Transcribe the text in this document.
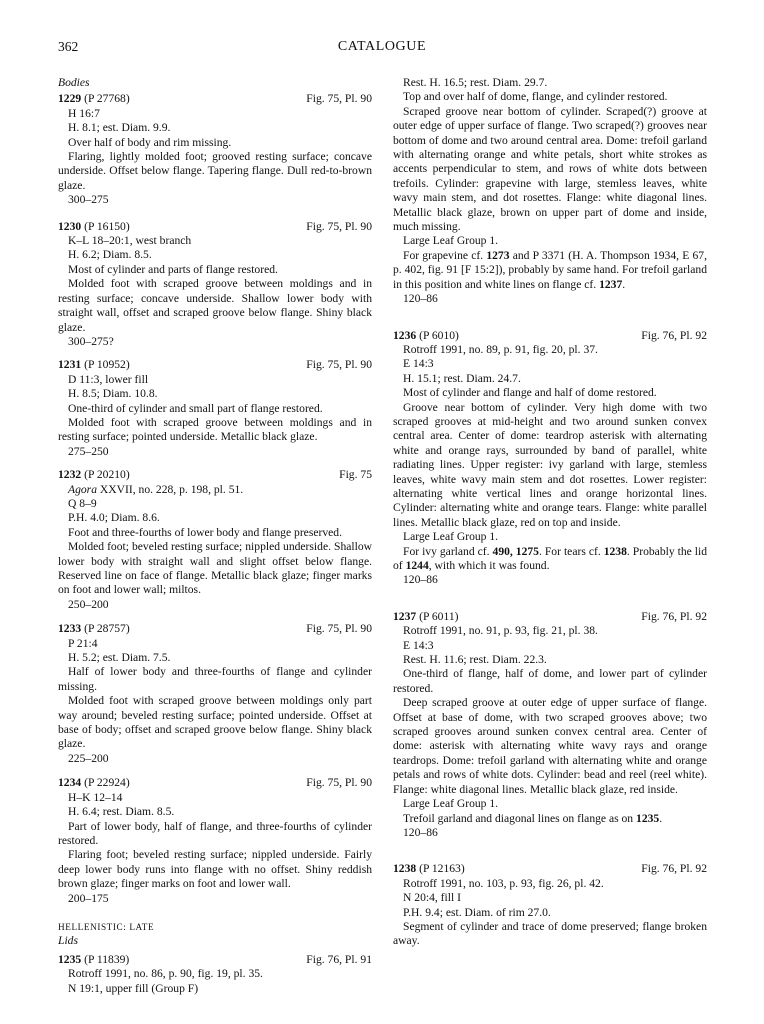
362	CATALOGUE
Bodies
1229 (P 27768)	Fig. 75, Pl. 90
H 16:7
H. 8.1; est. Diam. 9.9.
Over half of body and rim missing.
Flaring, lightly molded foot; grooved resting surface; concave underside. Offset below flange. Tapering flange. Dull red-to-brown glaze.
300–275
1230 (P 16150)	Fig. 75, Pl. 90
K–L 18–20:1, west branch
H. 6.2; Diam. 8.5.
Most of cylinder and parts of flange restored.
Molded foot with scraped groove between moldings and in resting surface; concave underside. Shallow lower body with straight wall, offset and scraped groove below flange. Shiny black glaze.
300–275?
1231 (P 10952)	Fig. 75, Pl. 90
D 11:3, lower fill
H. 8.5; Diam. 10.8.
One-third of cylinder and small part of flange restored.
Molded foot with scraped groove between moldings and in resting surface; pointed underside. Metallic black glaze.
275–250
1232 (P 20210)	Fig. 75
Agora XXVII, no. 228, p. 198, pl. 51.
Q 8–9
P.H. 4.0; Diam. 8.6.
Foot and three-fourths of lower body and flange preserved.
Molded foot; beveled resting surface; nippled underside. Shallow lower body with straight wall and slight offset below flange. Reserved line on face of flange. Metallic black glaze; finger marks on foot and lower wall; miltos.
250–200
1233 (P 28757)	Fig. 75, Pl. 90
P 21:4
H. 5.2; est. Diam. 7.5.
Half of lower body and three-fourths of flange and cylinder missing.
Molded foot with scraped groove between moldings only part way around; beveled resting surface; pointed underside. Offset at base of body; offset and scraped groove below flange. Shiny black glaze.
225–200
1234 (P 22924)	Fig. 75, Pl. 90
H–K 12–14
H. 6.4; rest. Diam. 8.5.
Part of lower body, half of flange, and three-fourths of cylinder restored.
Flaring foot; beveled resting surface; nippled underside. Fairly deep lower body runs into flange with no offset. Shiny reddish brown glaze; finger marks on foot and lower wall.
200–175
HELLENISTIC: LATE
Lids
1235 (P 11839)	Fig. 76, Pl. 91
Rotroff 1991, no. 86, p. 90, fig. 19, pl. 35.
N 19:1, upper fill (Group F)
Rest. H. 16.5; rest. Diam. 29.7.
Top and over half of dome, flange, and cylinder restored.
Scraped groove near bottom of cylinder. Scraped(?) groove at outer edge of upper surface of flange. Two scraped(?) grooves near bottom of dome and two around central area. Dome: trefoil garland with alternating orange and white petals, short white strokes as accents perpendicular to stem, and rows of white dots between trefoils. Cylinder: grapevine with large, stemless leaves, white wavy main stem, and dot rosettes. Flange: white diagonal lines. Metallic black glaze, brown on upper part of dome and inside, much missing.
Large Leaf Group 1.
For grapevine cf. 1273 and P 3371 (H. A. Thompson 1934, E 67, p. 402, fig. 91 [F 15:2]), probably by same hand. For trefoil garland in this position and white lines on flange cf. 1237.
120–86
1236 (P 6010)	Fig. 76, Pl. 92
Rotroff 1991, no. 89, p. 91, fig. 20, pl. 37.
E 14:3
H. 15.1; rest. Diam. 24.7.
Most of cylinder and flange and half of dome restored.
Groove near bottom of cylinder. Very high dome with two scraped grooves at mid-height and two around sunken convex central area. Center of dome: teardrop asterisk with alternating white and orange rays, surrounded by band of parallel, white radiating lines. Upper register: ivy garland with large, stemless leaves, white wavy main stem and dot rosettes. Lower register: alternating white vertical lines and orange horizontal lines. Cylinder: alternating white and orange tears. Flange: white parallel lines. Metallic black glaze, red on top and inside.
Large Leaf Group 1.
For ivy garland cf. 490, 1275. For tears cf. 1238. Probably the lid of 1244, with which it was found.
120–86
1237 (P 6011)	Fig. 76, Pl. 92
Rotroff 1991, no. 91, p. 93, fig. 21, pl. 38.
E 14:3
Rest. H. 11.6; rest. Diam. 22.3.
One-third of flange, half of dome, and lower part of cylinder restored.
Deep scraped groove at outer edge of upper surface of flange. Offset at base of dome, with two scraped grooves above; two scraped grooves around sunken convex central area. Center of dome: asterisk with alternating white wavy rays and orange teardrops. Dome: trefoil garland with alternating white and orange petals and rows of white dots. Cylinder: bead and reel (reel white). Flange: white diagonal lines. Metallic black glaze, red inside.
Large Leaf Group 1.
Trefoil garland and diagonal lines on flange as on 1235.
120–86
1238 (P 12163)	Fig. 76, Pl. 92
Rotroff 1991, no. 103, p. 93, fig. 26, pl. 42.
N 20:4, fill I
P.H. 9.4; est. Diam. of rim 27.0.
Segment of cylinder and trace of dome preserved; flange broken away.
